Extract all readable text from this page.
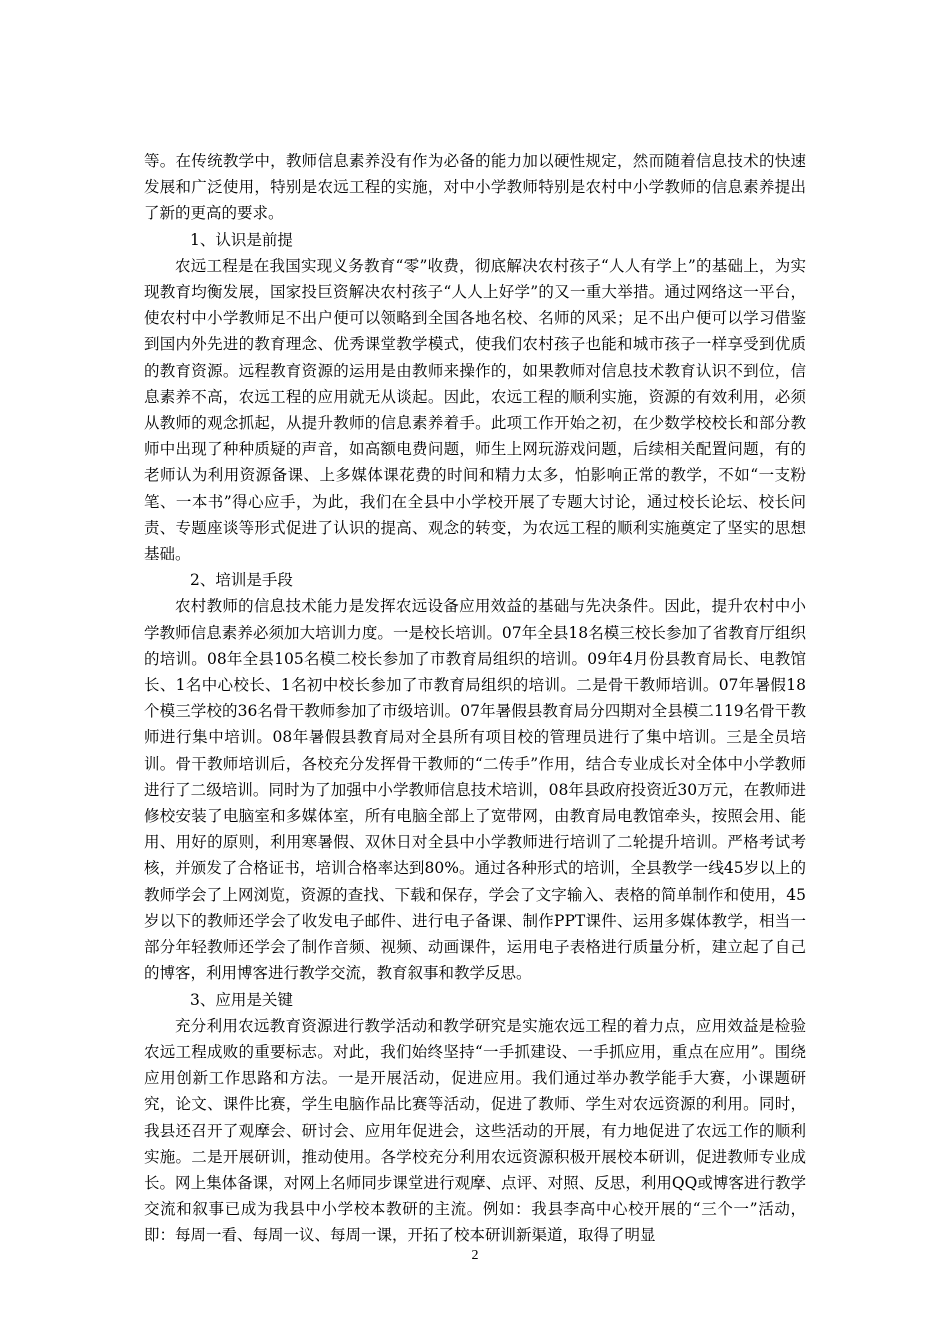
等。在传统教学中，教师信息素养没有作为必备的能力加以硬性规定，然而随着信息技术的快速发展和广泛使用，特别是农远工程的实施，对中小学教师特别是农村中小学教师的信息素养提出了新的更高的要求。

1、认识是前提

农远工程是在我国实现义务教育“零”收费，彻底解决农村孩子“人人有学上”的基础上，为实现教育均衡发展，国家投巨资解决农村孩子“人人上好学”的又一重大举措。通过网络这一平台，使农村中小学教师足不出户便可以领略到全国各地名校、名师的风采；足不出户便可以学习借鉴到国内外先进的教育理念、优秀课堂教学模式，使我们农村孩子也能和城市孩子一样享受到优质的教育资源。远程教育资源的运用是由教师来操作的，如果教师对信息技术教育认识不到位，信息素养不高，农远工程的应用就无从谈起。因此，农远工程的顺利实施，资源的有效利用，必须从教师的观念抓起，从提升教师的信息素养着手。此项工作开始之初，在少数学校校长和部分教师中出现了种种质疑的声音，如高额电费问题，师生上网玩游戏问题，后续相关配置问题，有的老师认为利用资源备课、上多媒体课花费的时间和精力太多，怕影响正常的教学，不如“一支粉笔、一本书”得心应手，为此，我们在全县中小学校开展了专题大讨论，通过校长论坛、校长问责、专题座谈等形式促进了认识的提高、观念的转变，为农远工程的顺利实施奠定了坚实的思想基础。

2、培训是手段

农村教师的信息技术能力是发挥农远设备应用效益的基础与先决条件。因此，提升农村中小学教师信息素养必须加大培训力度。一是校长培训。07年全县18名模三校长参加了省教育厅组织的培训。08年全县105名模二校长参加了市教育局组织的培训。09年4月份县教育局长、电教馆长、1名中心校长、1名初中校长参加了市教育局组织的培训。二是骨干教师培训。07年暑假18个模三学校的36名骨干教师参加了市级培训。07年暑假县教育局分四期对全县模二119名骨干教师进行集中培训。08年暑假县教育局对全县所有项目校的管理员进行了集中培训。三是全员培训。骨干教师培训后，各校充分发挥骨干教师的“二传手”作用，结合专业成长对全体中小学教师进行了二级培训。同时为了加强中小学教师信息技术培训，08年县政府投资近30万元，在教师进修校安装了电脑室和多媒体室，所有电脑全部上了宽带网，由教育局电教馆牵头，按照会用、能用、用好的原则，利用寒暑假、双休日对全县中小学教师进行培训了二轮提升培训。严格考试考核，并颁发了合格证书，培训合格率达到80%。通过各种形式的培训，全县教学一线45岁以上的教师学会了上网浏览，资源的查找、下载和保存，学会了文字输入、表格的简单制作和使用，45岁以下的教师还学会了收发电子邮件、进行电子备课、制作PPT课件、运用多媒体教学，相当一部分年轻教师还学会了制作音频、视频、动画课件，运用电子表格进行质量分析，建立起了自己的博客，利用博客进行教学交流，教育叙事和教学反思。

3、应用是关键

充分利用农远教育资源进行教学活动和教学研究是实施农远工程的着力点，应用效益是检验农远工程成败的重要标志。对此，我们始终坚持“一手抓建设、一手抓应用，重点在应用”。围绕应用创新工作思路和方法。一是开展活动，促进应用。我们通过举办教学能手大赛，小课题研究，论文、课件比赛，学生电脑作品比赛等活动，促进了教师、学生对农远资源的利用。同时，我县还召开了观摩会、研讨会、应用年促进会，这些活动的开展，有力地促进了农远工作的顺利实施。二是开展研训，推动使用。各学校充分利用农远资源积极开展校本研训，促进教师专业成长。网上集体备课，对网上名师同步课堂进行观摩、点评、对照、反思，利用QQ或博客进行教学交流和叙事已成为我县中小学校本教研的主流。例如：我县李高中心校开展的“三个一”活动，即：每周一看、每周一议、每周一课，开拓了校本研训新渠道，取得了明显

2
